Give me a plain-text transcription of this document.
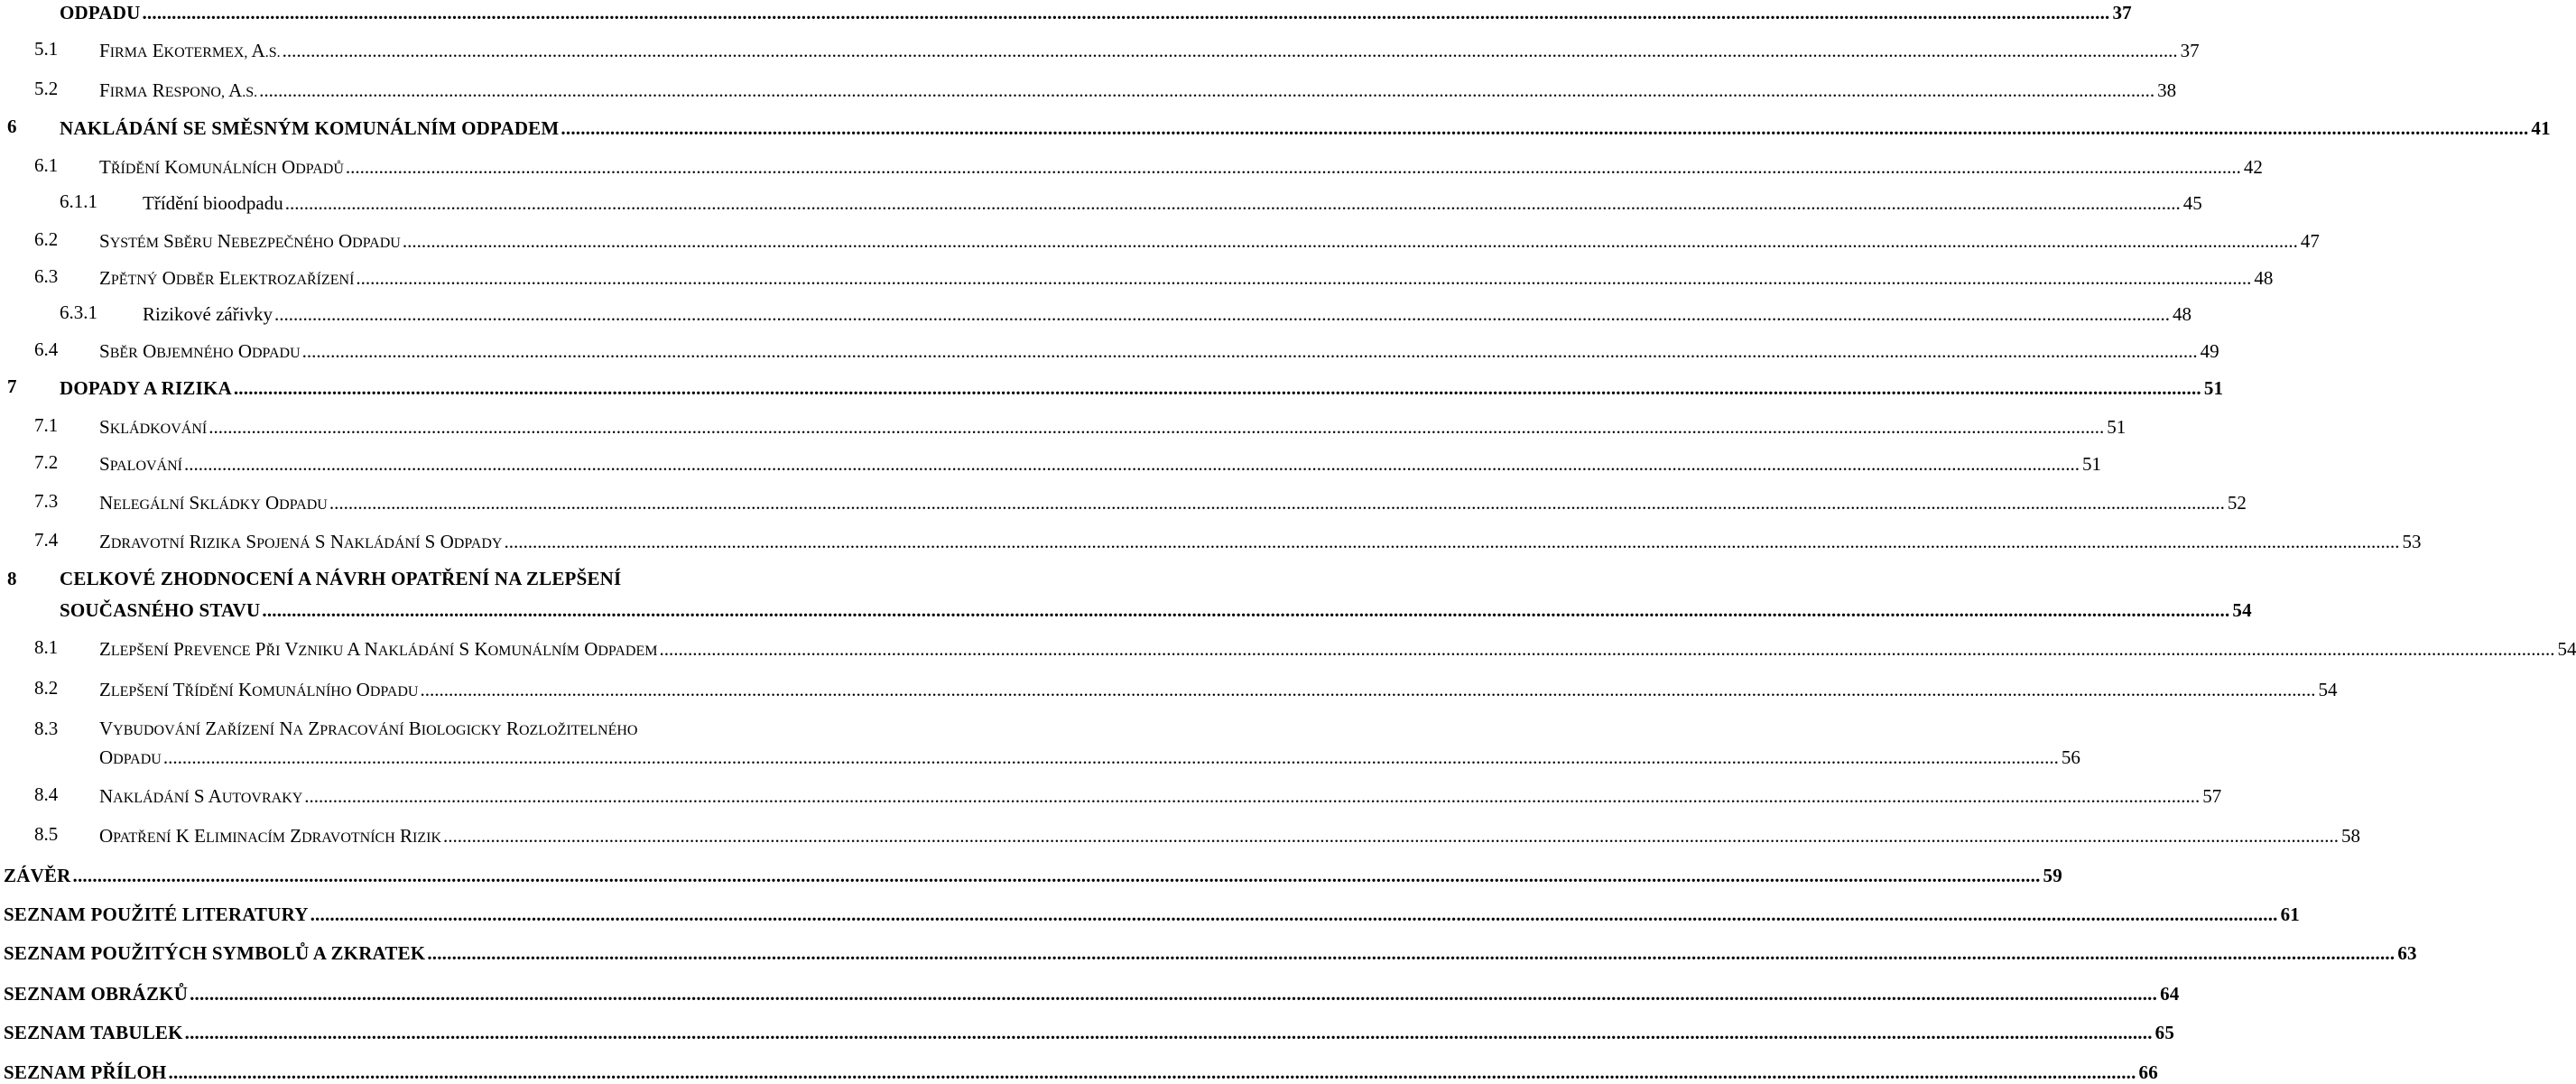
ODPADU ................................................................................................................................................................................................................................................................................................................................................................................................................ 37
5.1 FIRMA EKOTERMEX, A.S. ................................................................................................................................................................................................................................................................................................................................................................................................................ 37
5.2 FIRMA RESPONO, A.S. ................................................................................................................................................................................................................................................................................................................................................................................................................ 38
6 NAKLÁDÁNÍ SE SMĚSNÝM KOMUNÁLNÍM ODPADEM ................................................................................................................................................................................................................................................................................................................................................................................................................ 41
6.1 TŘÍDĚNÍ KOMUNÁLNÍCH ODPADŮ ................................................................................................................................................................................................................................................................................................................................................................................................................ 42
6.1.1 Třídění bioodpadu ................................................................................................................................................................................................................................................................................................................................................................................................................ 45
6.2 SYSTÉM SBĚRU NEBEZPEČNÉHO ODPADU ................................................................................................................................................................................................................................................................................................................................................................................................................ 47
6.3 ZPĚTNÝ ODBĚR ELEKTROZAŘÍZENÍ ................................................................................................................................................................................................................................................................................................................................................................................................................ 48
6.3.1 Rizikové zářivky ................................................................................................................................................................................................................................................................................................................................................................................................................ 48
6.4 SBĚR OBJEMNÉHO ODPADU ................................................................................................................................................................................................................................................................................................................................................................................................................ 49
7 DOPADY A RIZIKA ................................................................................................................................................................................................................................................................................................................................................................................................................ 51
7.1 SKLÁDKOVÁNÍ ................................................................................................................................................................................................................................................................................................................................................................................................................ 51
7.2 SPALOVÁNÍ ................................................................................................................................................................................................................................................................................................................................................................................................................ 51
7.3 NELEGÁLNÍ SKLÁDKY ODPADU ................................................................................................................................................................................................................................................................................................................................................................................................................ 52
7.4 ZDRAVOTNÍ RIZIKA SPOJENÁ S NAKLÁDÁNÍ S ODPADY ................................................................................................................................................................................................................................................................................................................................................................................................................ 53
CELKOVÉ ZHODNOCENÍ A NÁVRH OPATŘENÍ NA ZLEPŠENÍ
8
SOUČASNÉHO STAVU ................................................................................................................................................................................................................................................................................................................................................................................................................ 54
8.1 ZLEPŠENÍ PREVENCE PŘI VZNIKU A NAKLÁDÁNÍ S KOMUNÁLNÍM ODPADEM ................................................................................................................................................................................................................................................................................................................................................................................................................ 54
8.2 ZLEPŠENÍ TŘÍDĚNÍ KOMUNÁLNÍHO ODPADU ................................................................................................................................................................................................................................................................................................................................................................................................................ 54
VYBUDOVÁNÍ ZAŘÍZENÍ NA ZPRACOVÁNÍ BIOLOGICKY ROZLOŽITELNÉHO
8.3
ODPADU ................................................................................................................................................................................................................................................................................................................................................................................................................ 56
8.4 NAKLÁDÁNÍ S AUTOVRAKY ................................................................................................................................................................................................................................................................................................................................................................................................................ 57
8.5 OPATŘENÍ K ELIMINACÍM ZDRAVOTNÍCH RIZIK ................................................................................................................................................................................................................................................................................................................................................................................................................ 58
ZÁVĚR ................................................................................................................................................................................................................................................................................................................................................................................................................ 59
SEZNAM POUŽITÉ LITERATURY ................................................................................................................................................................................................................................................................................................................................................................................................................ 61
SEZNAM POUŽITÝCH SYMBOLŮ A ZKRATEK ................................................................................................................................................................................................................................................................................................................................................................................................................ 63
SEZNAM OBRÁZKŮ ................................................................................................................................................................................................................................................................................................................................................................................................................ 64
SEZNAM TABULEK ................................................................................................................................................................................................................................................................................................................................................................................................................ 65
SEZNAM PŘÍLOH ................................................................................................................................................................................................................................................................................................................................................................................................................ 66
